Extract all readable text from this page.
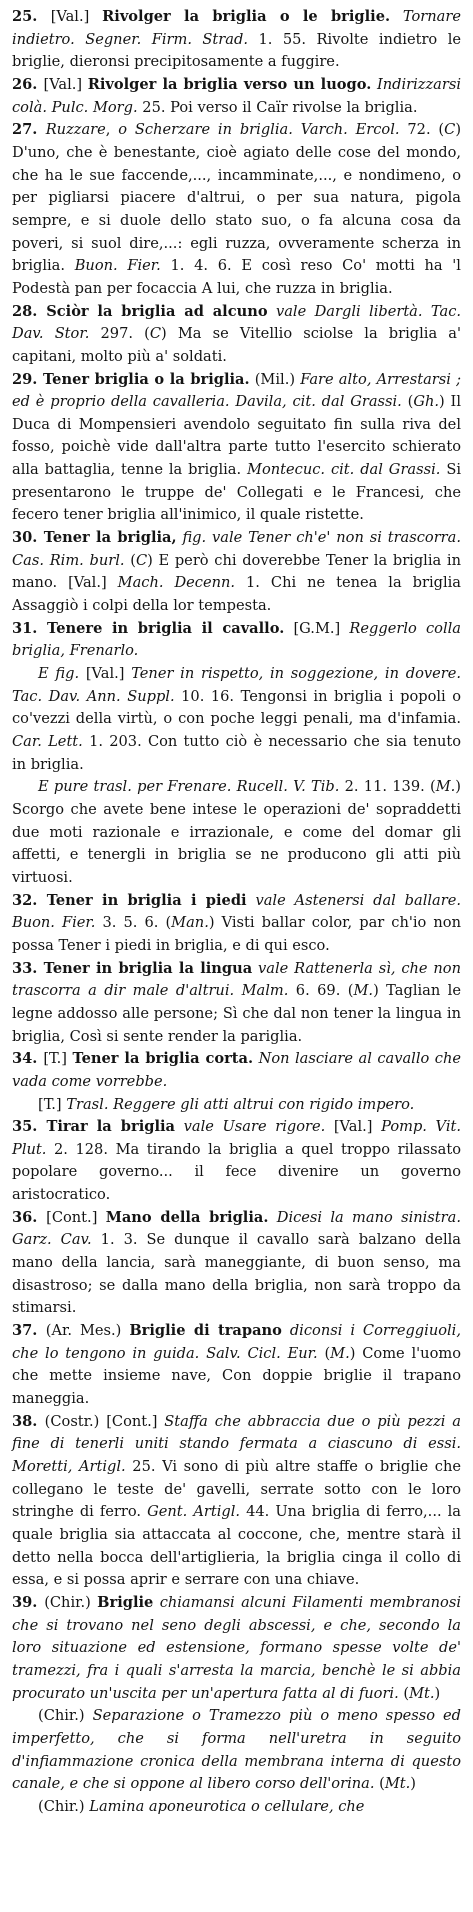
25. [Val.] Rivolger la briglia o le briglie. Tornare indietro. Segner. Firm. Strad. 1. 55. Rivolte indietro le briglie, dieronsi precipitosamente a fuggire.

26. [Val.] Rivolger la briglia verso un luogo. Indirizzarsi colà. Pulc. Morg. 25. Poi verso il Caïr rivolse la briglia.

27. Ruzzare, o Scherzare in briglia. Varch. Ercol. 72. (C) D'uno, che è benestante, cioè agiato delle cose del mondo, che ha le sue faccende,..., incamminate,..., e nondimeno, o per pigliarsi piacere d'altrui, o per sua natura, pigola sempre, e si duole dello stato suo, o fa alcuna cosa da poveri, si suol dire,...: egli ruzza, ovveramente scherza in briglia. Buon. Fier. 1. 4. 6. E così reso Co' motti ha 'l Podestà pan per focaccia A lui, che ruzza in briglia.

28. Sciòr la briglia ad alcuno vale Dargli libertà. Tac. Dav. Stor. 297. (C) Ma se Vitellio sciolse la briglia a' capitani, molto più a' soldati.

29. Tener briglia o la briglia. (Mil.) Fare alto, Arrestarsi ; ed è proprio della cavalleria. Davila, cit. dal Grassi. (Gh.) Il Duca di Mompensieri avendolo seguitato fin sulla riva del fosso, poichè vide dall'altra parte tutto l'esercito schierato alla battaglia, tenne la briglia. Montecuc. cit. dal Grassi. Si presentarono le truppe de' Collegati e le Francesi, che fecero tener briglia all'inimico, il quale ristette.

30. Tener la briglia, fig. vale Tener ch'e' non si trascorra. Cas. Rim. burl. (C) E però chi doverebbe Tener la briglia in mano. [Val.] Mach. Decenn. 1. Chi ne tenea la briglia Assaggiò i colpi della lor tempesta.

31. Tenere in briglia il cavallo. [G.M.] Reggerlo colla briglia, Frenarlo.

E fig. [Val.] Tener in rispetto, in soggezione, in dovere. Tac. Dav. Ann. Suppl. 10. 16. Tengonsi in briglia i popoli o co'vezzi della virtù, o con poche leggi penali, ma d'infamia. Car. Lett. 1. 203. Con tutto ciò è necessario che sia tenuto in briglia.

E pure trasl. per Frenare. Rucell. V. Tib. 2. 11. 139. (M.) Scorgo che avete bene intese le operazioni de' sopraddetti due moti razionale e irrazionale, e come del domar gli affetti, e tenergli in briglia se ne producono gli atti più virtuosi.

32. Tener in briglia i piedi vale Astenersi dal ballare. Buon. Fier. 3. 5. 6. (Man.) Visti ballar color, par ch'io non possa Tener i piedi in briglia, e di qui esco.

33. Tener in briglia la lingua vale Rattenerla sì, che non trascorra a dir male d'altrui. Malm. 6. 69. (M.) Taglian le legne addosso alle persone; Sì che dal non tener la lingua in briglia, Così si sente render la pariglia.

34. [T.] Tener la briglia corta. Non lasciare al cavallo che vada come vorrebbe.

[T.] Trasl. Reggere gli atti altrui con rigido impero.

35. Tirar la briglia vale Usare rigore. [Val.] Pomp. Vit. Plut. 2. 128. Ma tirando la briglia a quel troppo rilassato popolare governo... il fece divenire un governo aristocratico.

36. [Cont.] Mano della briglia. Dicesi la mano sinistra. Garz. Cav. 1. 3. Se dunque il cavallo sarà balzano della mano della lancia, sarà maneggiante, di buon senso, ma disastroso; se dalla mano della briglia, non sarà troppo da stimarsi.

37. (Ar. Mes.) Briglie di trapano diconsi i Correggiuoli, che lo tengono in guida. Salv. Cicl. Eur. (M.) Come l'uomo che mette insieme nave, Con doppie briglie il trapano maneggia.

38. (Costr.) [Cont.] Staffa che abbraccia due o più pezzi a fine di tenerli uniti stando fermata a ciascuno di essi. Moretti, Artigl. 25. Vi sono di più altre staffe o briglie che collegano le teste de' gavelli, serrate sotto con le loro stringhe di ferro. Gent. Artigl. 44. Una briglia di ferro,... la quale briglia sia attaccata al coccone, che, mentre starà il detto nella bocca dell'artiglieria, la briglia cinga il collo di essa, e si possa aprir e serrare con una chiave.

39. (Chir.) Briglie chiamansi alcuni Filamenti membranosi che si trovano nel seno degli abscessi, e che, secondo la loro situazione ed estensione, formano spesse volte de' tramezzi, fra i quali s'arresta la marcia, benchè le si abbia procurato un'uscita per un'apertura fatta al di fuori. (Mt.)

(Chir.) Separazione o Tramezzo più o meno spesso ed imperfetto, che si forma nell'uretra in seguito d'infiammazione cronica della membrana interna di questo canale, e che si oppone al libero corso dell'orina. (Mt.)

(Chir.) Lamina aponeurotica o cellulare, che
